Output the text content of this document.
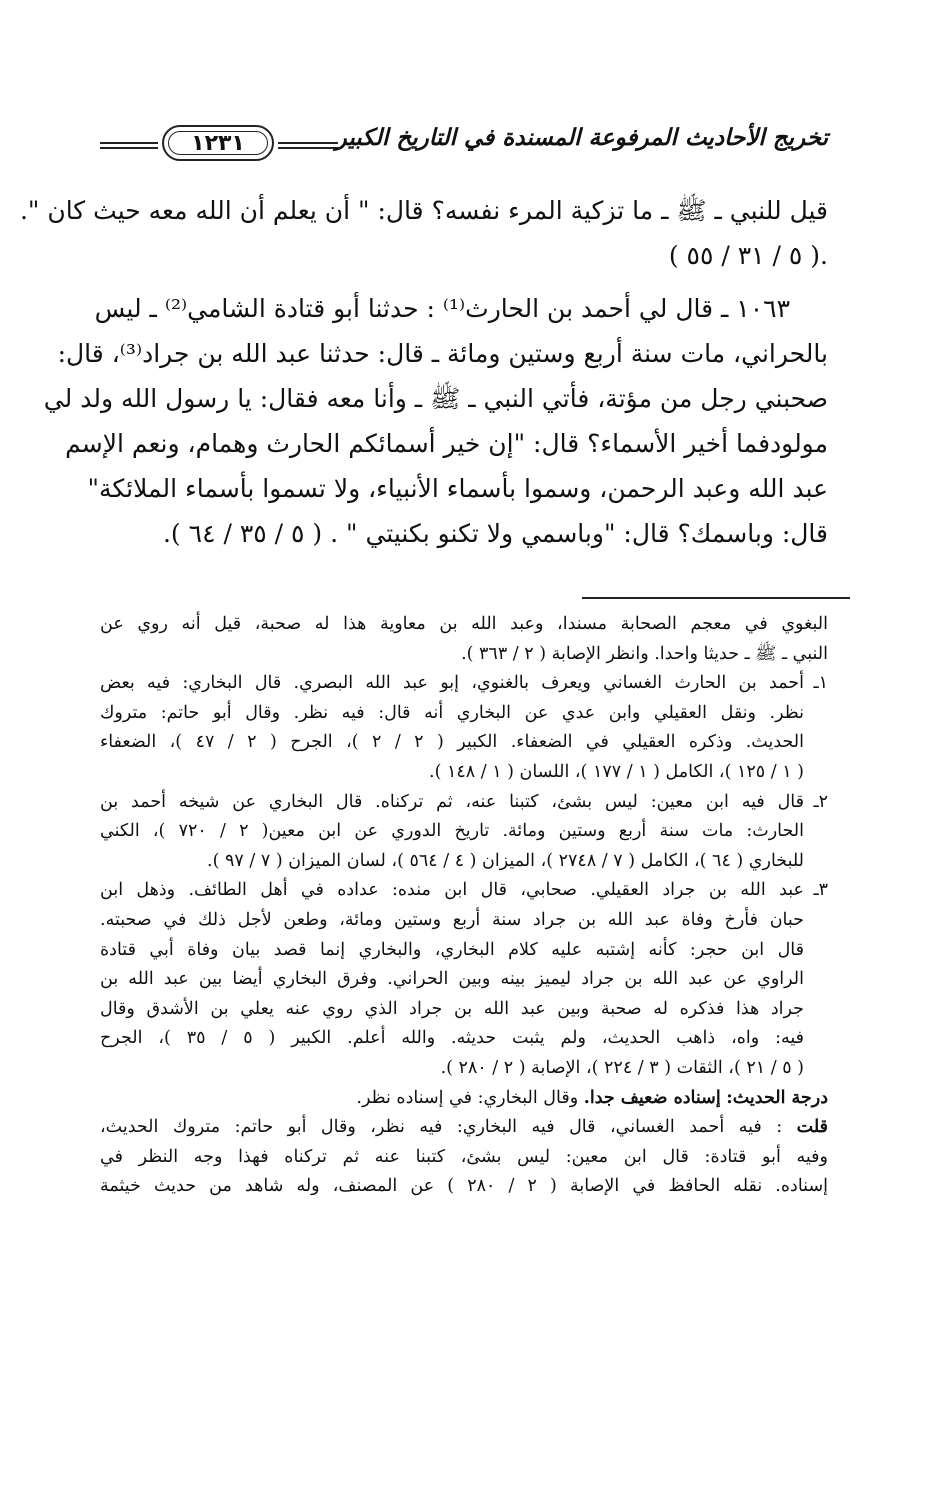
١٢٣١	تخريج الأحاديث المرفوعة المسندة في التاريخ الكبير

قيل للنبي ـ ﷺ ـ ما تزكية المرء نفسه؟ قال: " أن يعلم أن الله معه حيث كان ".
.( ٥ / ٣١ / ٥٥ )

١٠٦٣ ـ قال لي أحمد بن الحارث⁽¹⁾ : حدثنا أبو قتادة الشامي⁽²⁾ ـ ليس
بالحراني، مات سنة أربع وستين ومائة ـ قال: حدثنا عبد الله بن جراد⁽³⁾، قال:
صحبني رجل من مؤتة، فأتي النبي ـ ﷺ ـ وأنا معه فقال: يا رسول الله ولد لي
مولودفما أخير الأسماء؟ قال: "إن خير أسمائكم الحارث وهمام، ونعم الإسم
عبد الله وعبد الرحمن، وسموا بأسماء الأنبياء، ولا تسموا بأسماء الملائكة"
قال: وباسمك؟ قال: "وباسمي ولا تكنو بكنيتي " . ( ٥ / ٣٥ / ٦٤ ).

البغوي في معجم الصحابة مسندا، وعبد الله بن معاوية هذا له صحبة، قيل أنه روي عن
النبي ـ ﷺ ـ حديثا واحدا. وانظر الإصابة ( ٢ / ٣٦٣ ).

١ـأحمد بن الحارث الغساني ويعرف بالغنوي، إبو عبد الله البصري. قال البخاري: فيه بعض
نظر. ونقل العقيلي وابن عدي عن البخاري أنه قال: فيه نظر. وقال أبو حاتم: متروك
الحديث. وذكره العقيلي في الضعفاء. الكبير ( ٢ / ٢ )، الجرح ( ٢ / ٤٧ )، الضعفاء
( ١ / ١٢٥ )، الكامل ( ١ / ١٧٧ )، اللسان ( ١ / ١٤٨ ).

٢ـقال فيه ابن معين: ليس بشئ، كتبنا عنه، ثم تركناه. قال البخاري عن شيخه أحمد بن
الحارث: مات سنة أربع وستين ومائة. تاريخ الدوري عن ابن معين( ٢ / ٧٢٠ )، الكني
للبخاري ( ٦٤ )، الكامل ( ٧ / ٢٧٤٨ )، الميزان ( ٤ / ٥٦٤ )، لسان الميزان ( ٧ / ٩٧ ).

٣ـعبد الله بن جراد العقيلي. صحابي، قال ابن منده: عداده في أهل الطائف. وذهل ابن
حبان فأرخ وفاة عبد الله بن جراد سنة أربع وستين ومائة، وطعن لأجل ذلك في صحبته.
قال ابن حجر: كأنه إشتبه عليه كلام البخاري، والبخاري إنما قصد بيان وفاة أبي قتادة
الراوي عن عبد الله بن جراد ليميز بينه وبين الحراني. وفرق البخاري أيضا بين عبد الله بن
جراد هذا فذكره له صحبة وبين عبد الله بن جراد الذي روي عنه يعلي بن الأشدق وقال
فيه: واه، ذاهب الحديث، ولم يثبت حديثه. والله أعلم. الكبير ( ٥ / ٣٥ )، الجرح
( ٥ / ٢١ )، الثقات ( ٣ / ٢٢٤ )، الإصابة ( ٢ / ٢٨٠ ).

درجة الحديث: إسناده ضعيف جدا. وقال البخاري: في إسناده نظر.

قلت : فيه أحمد الغساني، قال فيه البخاري: فيه نظر، وقال أبو حاتم: متروك الحديث،
وفيه أبو قتادة: قال ابن معين: ليس بشئ، كتبنا عنه ثم تركناه فهذا وجه النظر في
إسناده. نقله الحافظ في الإصابة ( ٢ / ٢٨٠ ) عن المصنف، وله شاهد من حديث خيثمة
